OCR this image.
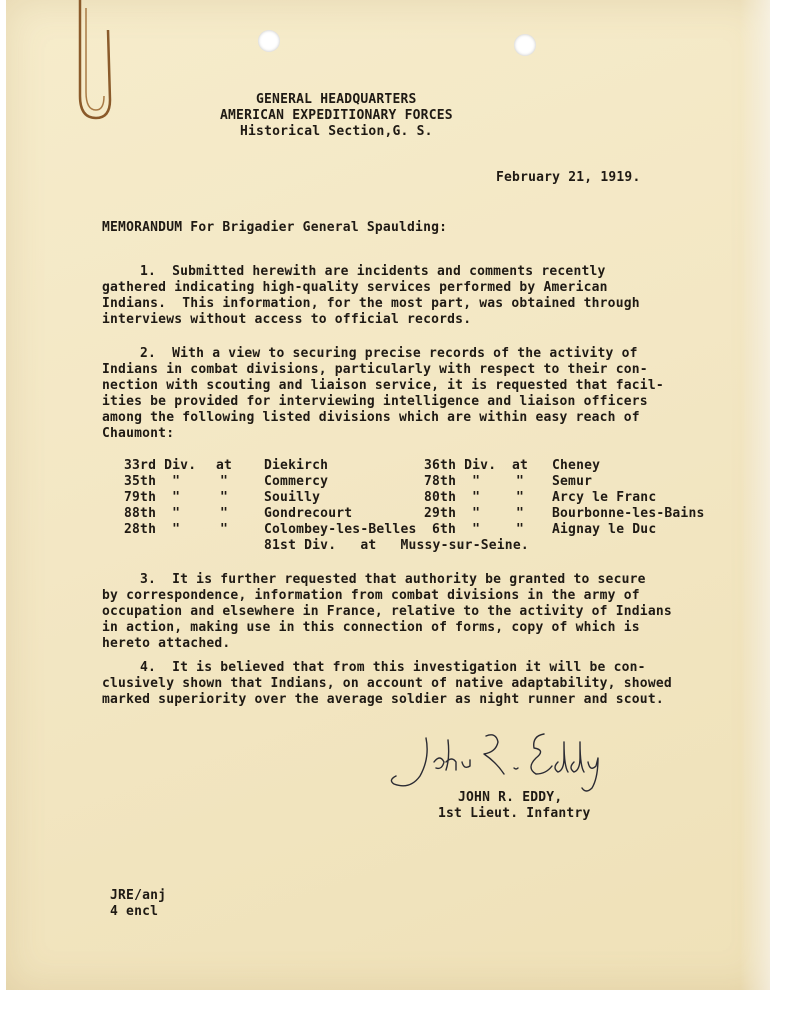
GENERAL HEADQUARTERS
AMERICAN EXPEDITIONARY FORCES
Historical Section,G. S.
February 21, 1919.
MEMORANDUM For Brigadier General Spaulding:
1.  Submitted herewith are incidents and comments recently
gathered indicating high-quality services performed by American
Indians.  This information, for the most part, was obtained through
interviews without access to official records.
2.  With a view to securing precise records of the activity of
Indians in combat divisions, particularly with respect to their con-
nection with scouting and liaison service, it is requested that facil-
ities be provided for interviewing intelligence and liaison officers
among the following listed divisions which are within easy reach of
Chaumont:
33rd Div. at Diekirch	36th Div. at Cheney
35th  "	"	Commercy	78th  "	" Semur
79th  "	"	Souilly	80th  "	" Arcy le Franc
88th  "	"	Gondrecourt	29th  "	" Bourbonne-les-Bains
28th  "	"	Colombey-les-Belles 6th  "	" Aignay le Duc
81st Div.   at   Mussy-sur-Seine.
3.  It is further requested that authority be granted to secure
by correspondence, information from combat divisions in the army of
occupation and elsewhere in France, relative to the activity of Indians
in action, making use in this connection of forms, copy of which is
hereto attached.
4.  It is believed that from this investigation it will be con-
clusively shown that Indians, on account of native adaptability, showed
marked superiority over the average soldier as night runner and scout.
JOHN R. EDDY,
1st Lieut. Infantry
JRE/anj
4 encl
